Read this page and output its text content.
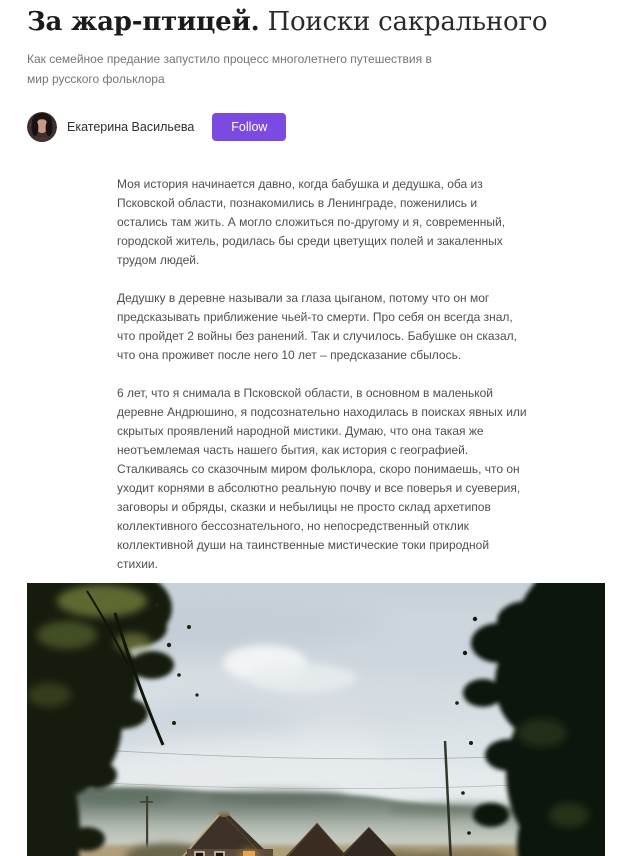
За жар-птицей. Поиски сакрального

Как семейное предание запустило процесс многолетнего путешествия в мир русского фольклора

Екатерина Васильева	Follow

Моя история начинается давно, когда бабушка и дедушка, оба из Псковской области, познакомились в Ленинграде, поженились и остались там жить. А могло сложиться по-другому и я, современный, городской житель, родилась бы среди цветущих полей и закаленных трудом людей.

Дедушку в деревне называли за глаза цыганом, потому что он мог предсказывать приближение чьей-то смерти. Про себя он всегда знал, что пройдет 2 войны без ранений. Так и случилось. Бабушке он сказал, что она проживет после него 10 лет – предсказание сбылось.

6 лет, что я снимала в Псковской области, в основном в маленькой деревне Андрюшино, я подсознательно находилась в поисках явных или скрытых проявлений народной мистики. Думаю, что она такая же неотъемлемая часть нашего бытия, как история с географией. Сталкиваясь со сказочным миром фольклора, скоро понимаешь, что он уходит корнями в абсолютно реальную почву и все поверья и суеверия, заговоры и обряды, сказки и небылицы не просто склад архетипов коллективного бессознательного, но непосредственный отклик коллективной души на таинственные мистические токи природной стихии.
